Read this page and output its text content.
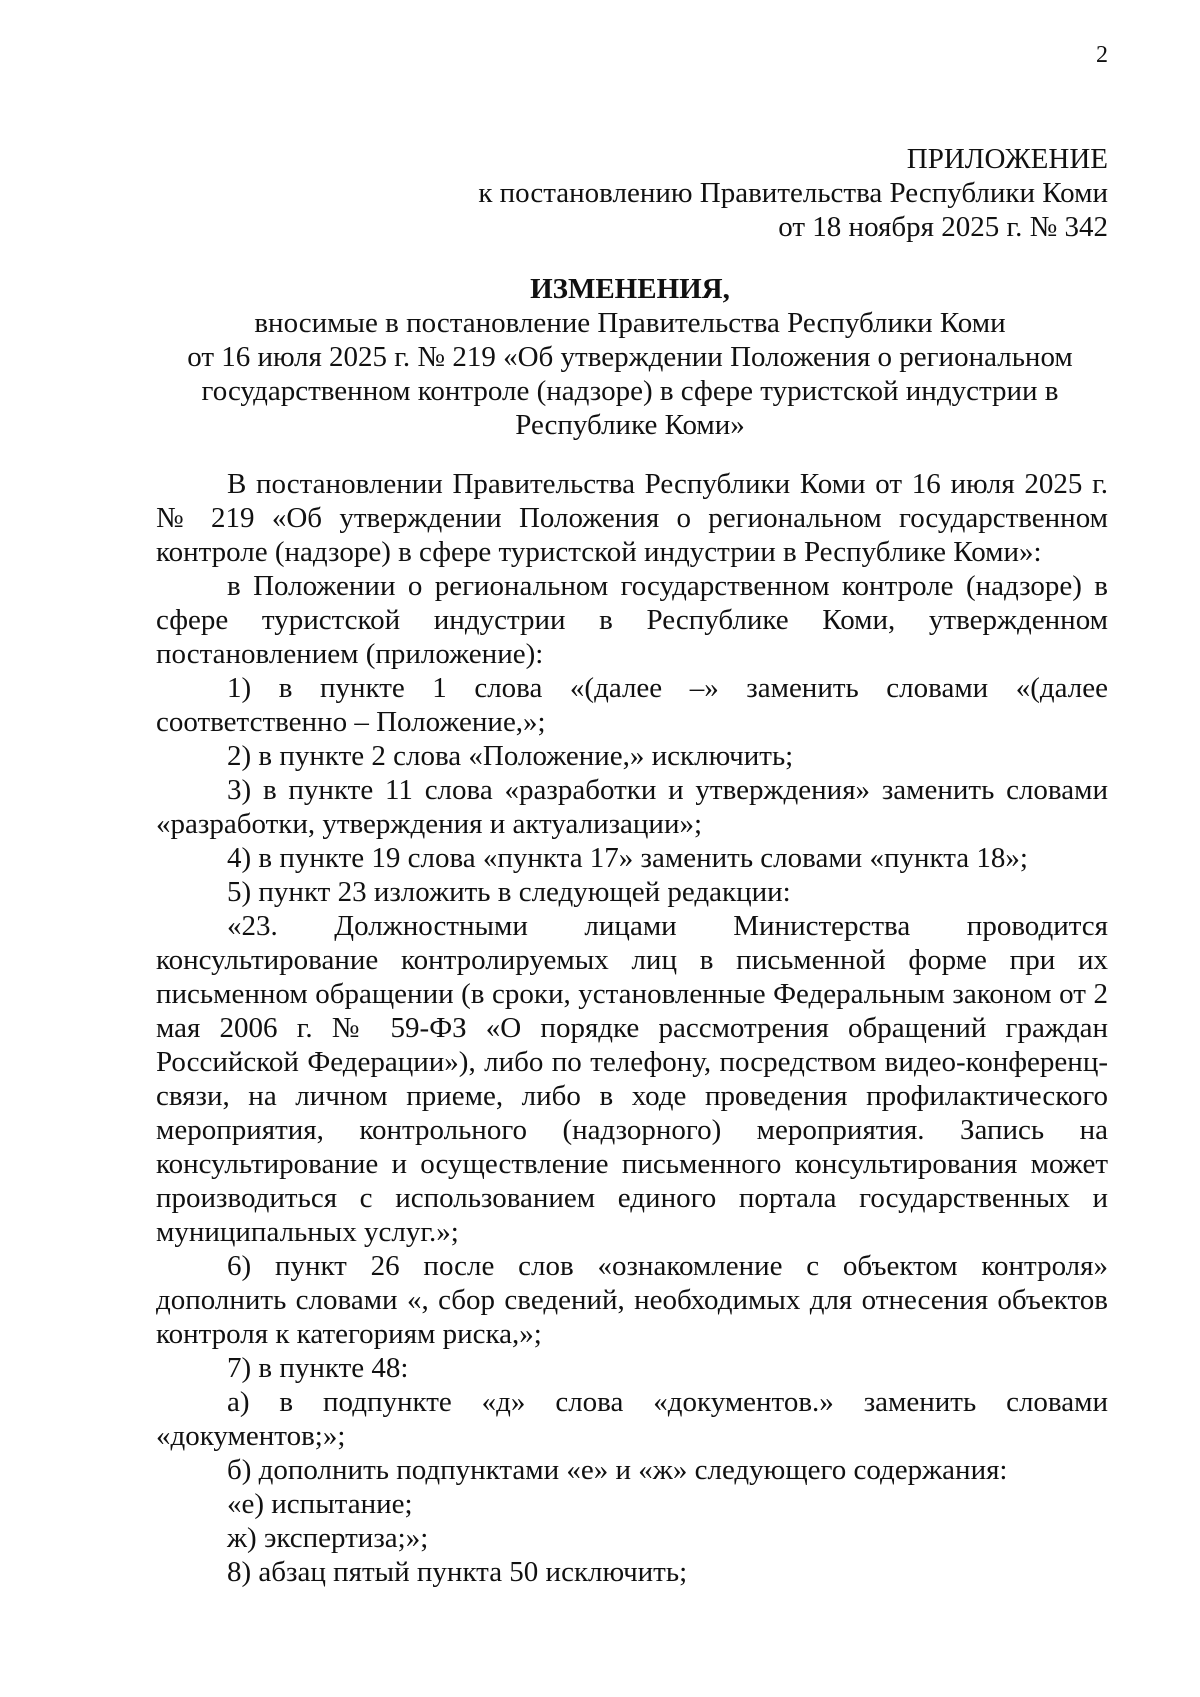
2
ПРИЛОЖЕНИЕ
к постановлению Правительства Республики Коми
от 18 ноября 2025 г. № 342
ИЗМЕНЕНИЯ,
вносимые в постановление Правительства Республики Коми
от 16 июля 2025 г. № 219 «Об утверждении Положения о региональном
государственном контроле (надзоре) в сфере туристской индустрии в
Республике Коми»

В постановлении Правительства Республики Коми от 16 июля 2025 г. № 219 «Об утверждении Положения о региональном государственном контроле (надзоре) в сфере туристской индустрии в Республике Коми»:

в Положении о региональном государственном контроле (надзоре) в сфере туристской индустрии в Республике Коми, утвержденном постановлением (приложение):

1) в пункте 1 слова «(далее –» заменить словами «(далее соответственно – Положение,»;

2) в пункте 2 слова «Положение,» исключить;

3) в пункте 11 слова «разработки и утверждения» заменить словами «разработки, утверждения и актуализации»;

4) в пункте 19 слова «пункта 17» заменить словами «пункта 18»;

5) пункт 23 изложить в следующей редакции:

«23. Должностными лицами Министерства проводится консультирование контролируемых лиц в письменной форме при их письменном обращении (в сроки, установленные Федеральным законом от 2 мая 2006 г. № 59-ФЗ «О порядке рассмотрения обращений граждан Российской Федерации»), либо по телефону, посредством видео-конференц-связи, на личном приеме, либо в ходе проведения профилактического мероприятия, контрольного (надзорного) мероприятия. Запись на консультирование и осуществление письменного консультирования может производиться с использованием единого портала государственных и муниципальных услуг.»;

6) пункт 26 после слов «ознакомление с объектом контроля» дополнить словами «, сбор сведений, необходимых для отнесения объектов контроля к категориям риска,»;

7) в пункте 48:

а) в подпункте «д» слова «документов.» заменить словами «документов;»;

б) дополнить подпунктами «е» и «ж» следующего содержания:

«е) испытание;

ж) экспертиза;»;

8) абзац пятый пункта 50 исключить;
